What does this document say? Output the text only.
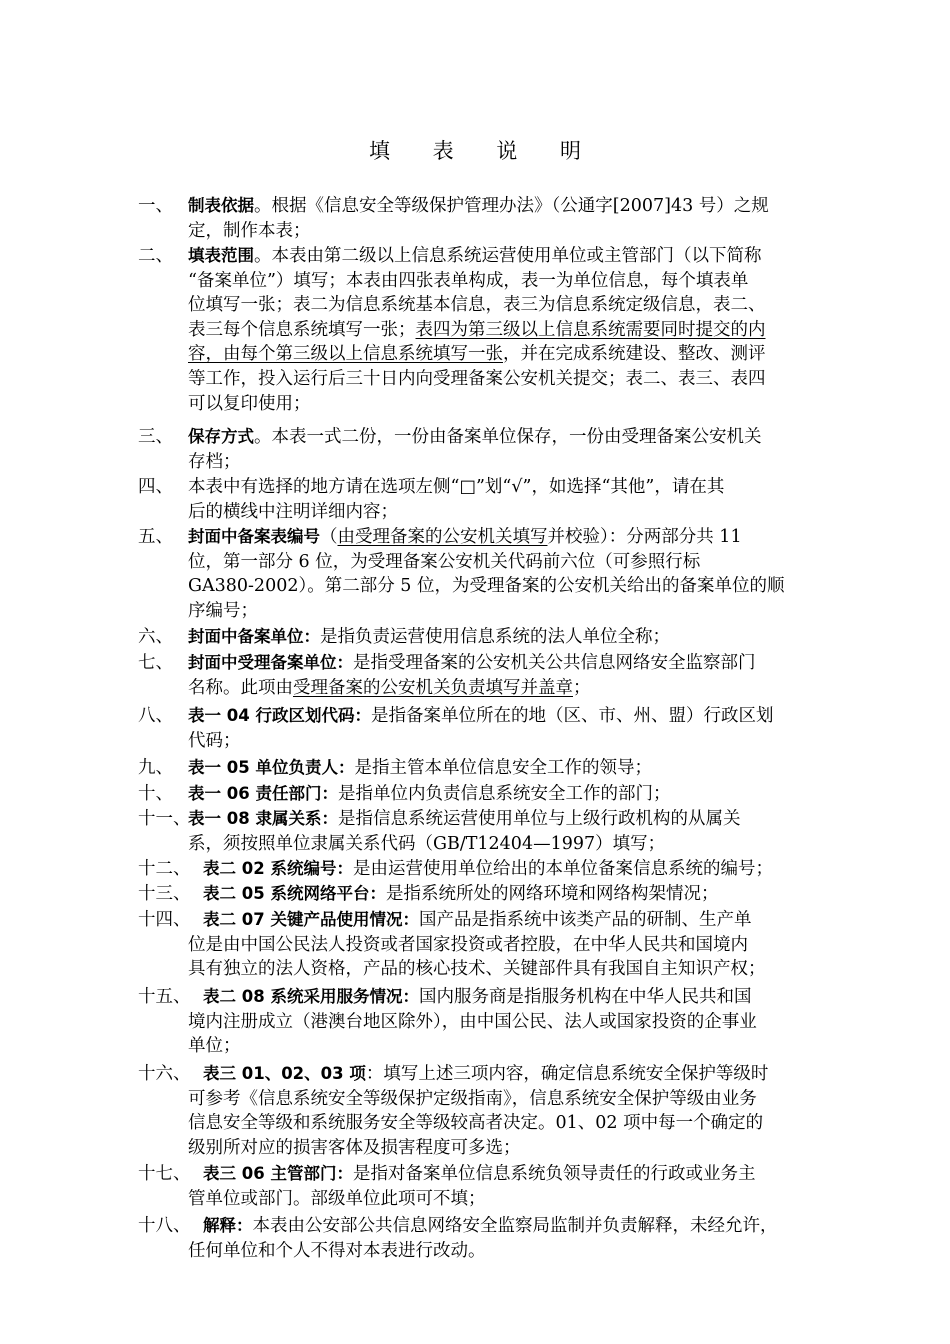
填 表 说 明
一、 制表依据。根据《信息安全等级保护管理办法》（公通字[2007]43 号）之规
定，制作本表；
二、 填表范围。本表由第二级以上信息系统运营使用单位或主管部门（以下简称
“备案单位”）填写；本表由四张表单构成，表一为单位信息，每个填表单
位填写一张；表二为信息系统基本信息，表三为信息系统定级信息，表二、
表三每个信息系统填写一张；表四为第三级以上信息系统需要同时提交的内
容，由每个第三级以上信息系统填写一张，并在完成系统建设、整改、测评
等工作，投入运行后三十日内向受理备案公安机关提交；表二、表三、表四
可以复印使用；
三、 保存方式。本表一式二份，一份由备案单位保存，一份由受理备案公安机关
存档；
四、 本表中有选择的地方请在选项左侧“□”划“√”，如选择“其他”，请在其
后的横线中注明详细内容；
五、 封面中备案表编号（由受理备案的公安机关填写并校验）：分两部分共 11
位，第一部分 6 位，为受理备案公安机关代码前六位（可参照行标
GA380-2002）。第二部分 5 位，为受理备案的公安机关给出的备案单位的顺
序编号；
六、 封面中备案单位：是指负责运营使用信息系统的法人单位全称；
七、 封面中受理备案单位：是指受理备案的公安机关公共信息网络安全监察部门
名称。此项由受理备案的公安机关负责填写并盖章；
八、 表一 04 行政区划代码：是指备案单位所在的地（区、市、州、盟）行政区划
代码；
九、 表一 05 单位负责人：是指主管本单位信息安全工作的领导；
十、 表一 06 责任部门：是指单位内负责信息系统安全工作的部门；
十一、
表一 08 隶属关系：是指信息系统运营使用单位与上级行政机构的从属关
系，须按照单位隶属关系代码（GB/T12404—1997）填写；
十二、 表二 02 系统编号：是由运营使用单位给出的本单位备案信息系统的编号；
十三、 表二 05 系统网络平台：是指系统所处的网络环境和网络构架情况；
十四、 表二 07 关键产品使用情况：国产品是指系统中该类产品的研制、生产单
位是由中国公民法人投资或者国家投资或者控股，在中华人民共和国境内
具有独立的法人资格，产品的核心技术、关键部件具有我国自主知识产权；
十五、 表二 08 系统采用服务情况：国内服务商是指服务机构在中华人民共和国
境内注册成立（港澳台地区除外），由中国公民、法人或国家投资的企事业
单位；
十六、 表三 01、02、03 项：填写上述三项内容，确定信息系统安全保护等级时
可参考《信息系统安全等级保护定级指南》，信息系统安全保护等级由业务
信息安全等级和系统服务安全等级较高者决定。01、02 项中每一个确定的
级别所对应的损害客体及损害程度可多选；
十七、 表三 06 主管部门：是指对备案单位信息系统负领导责任的行政或业务主
管单位或部门。部级单位此项可不填；
十八、 解释：本表由公安部公共信息网络安全监察局监制并负责解释，未经允许，
任何单位和个人不得对本表进行改动。
